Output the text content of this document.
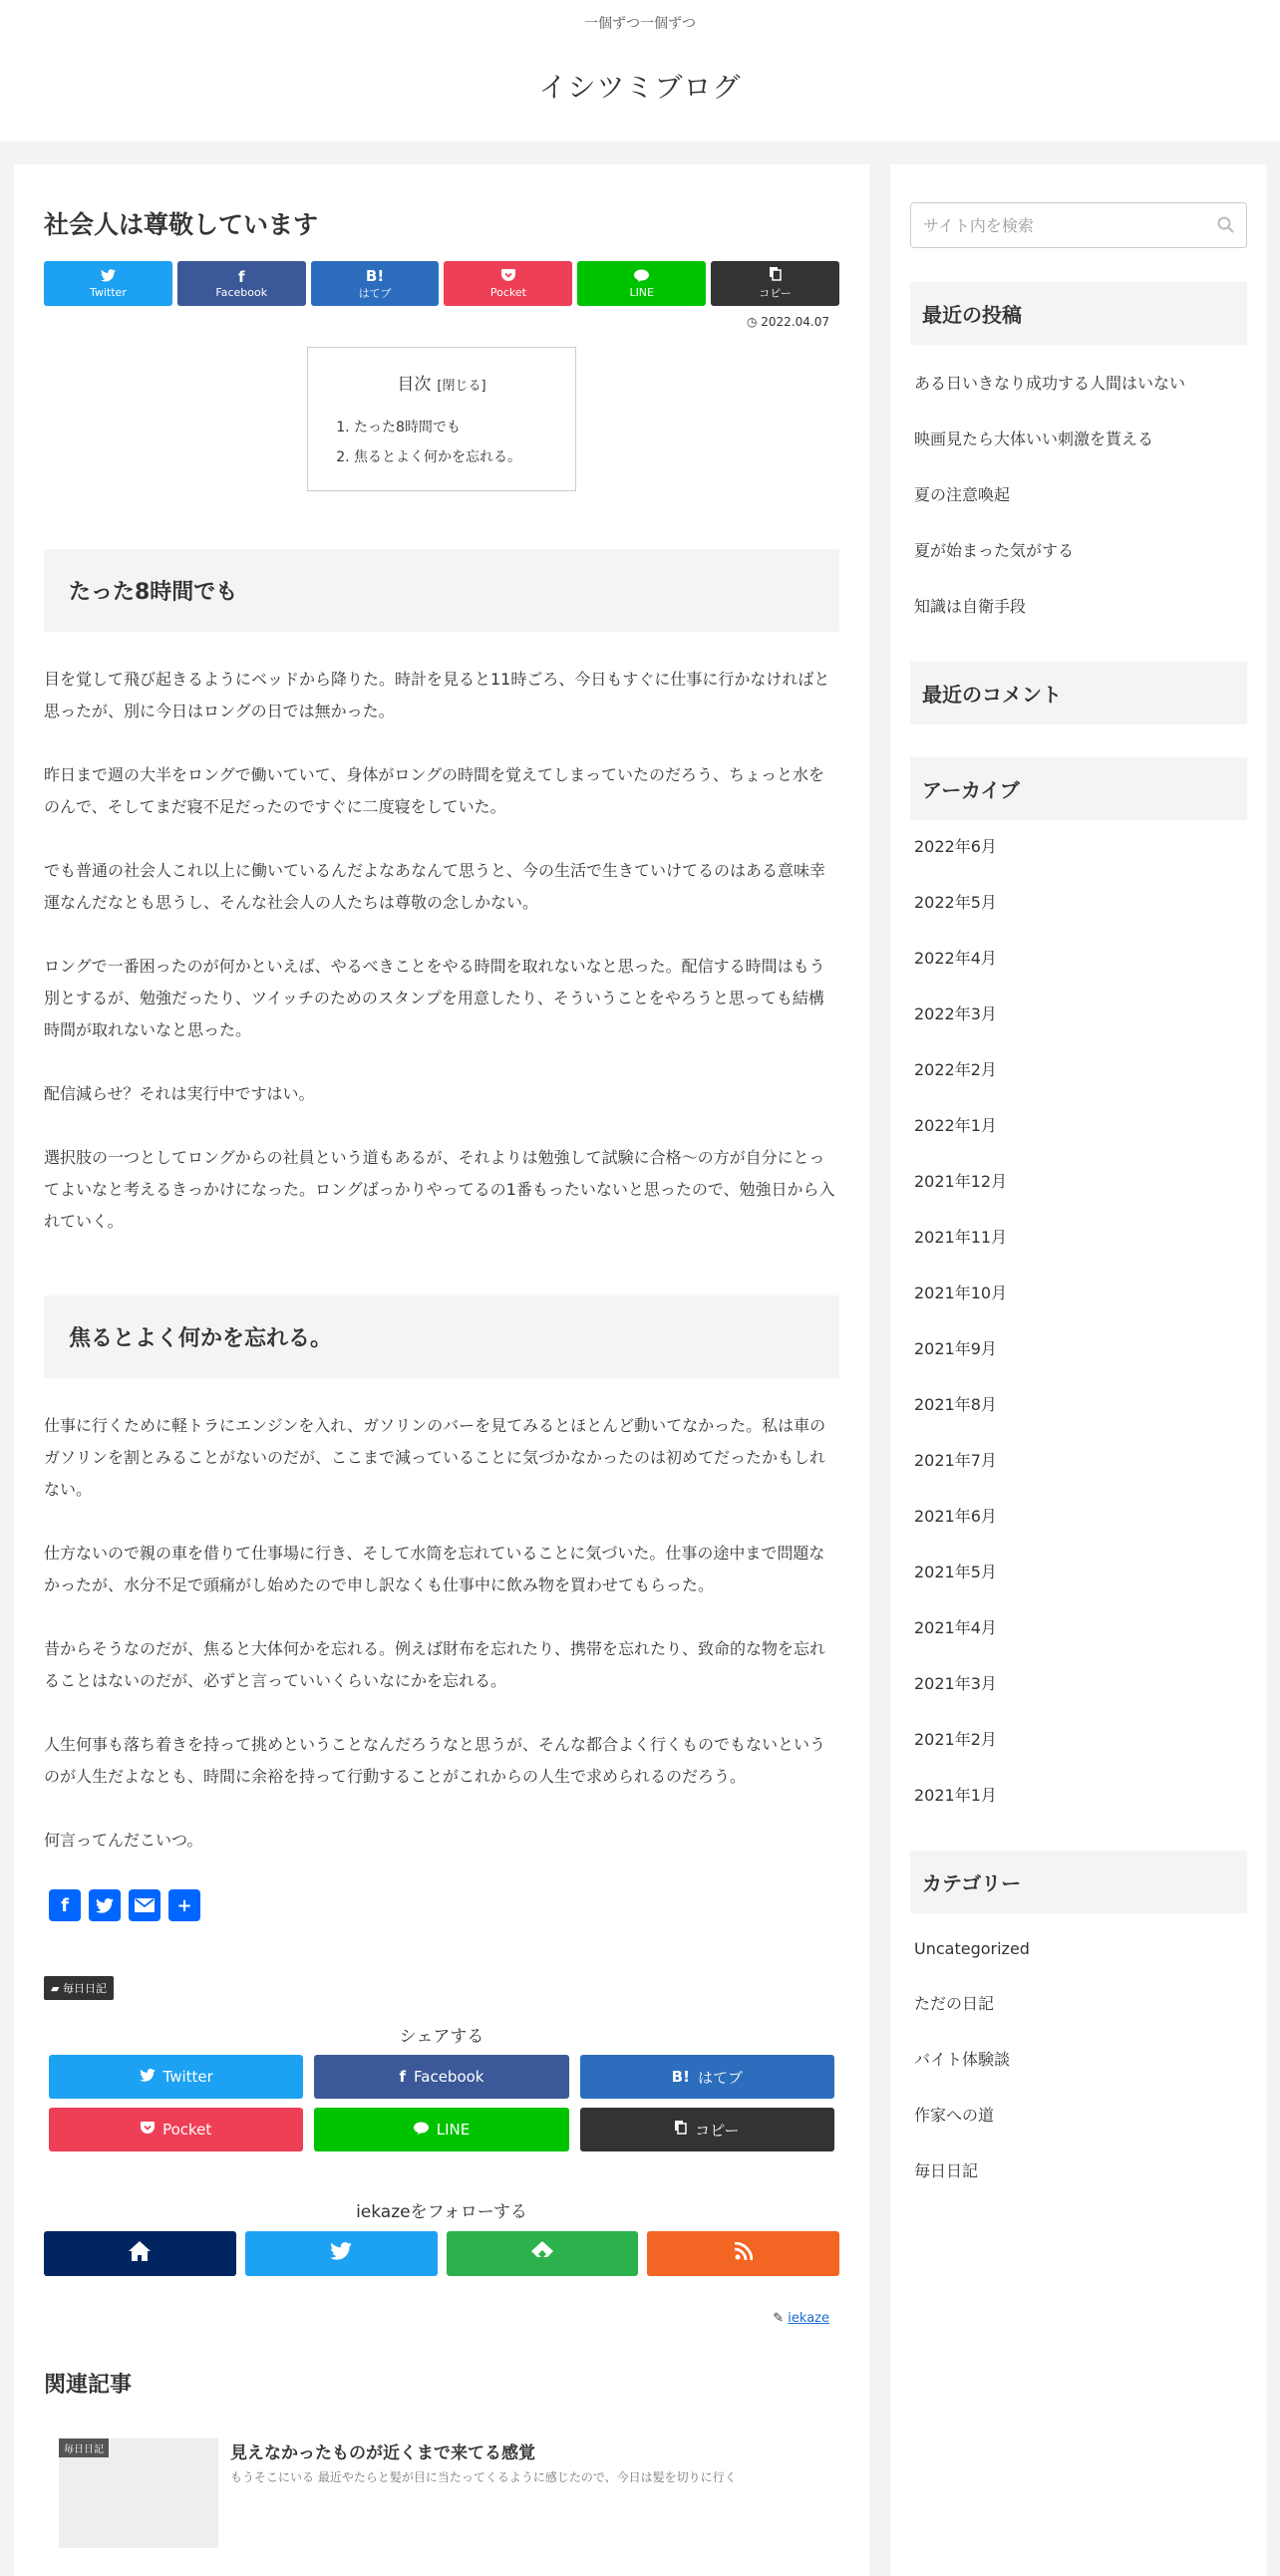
一個ずつ一個ずつ
イシツミブログ
社会人は尊敬しています
Twitter
f
Facebook
B!
はてブ	Pocket	LINE	コピー
◷ 2022.04.07
目次 [閉じる]
1. たった8時間でも
2. 焦るとよく何かを忘れる。
たった8時間でも

目を覚して飛び起きるようにベッドから降りた。時計を見ると11時ごろ、今日もすぐに仕事に行かなければと思ったが、別に今日はロングの日では無かった。

昨日まで週の大半をロングで働いていて、身体がロングの時間を覚えてしまっていたのだろう、ちょっと水をのんで、そしてまだ寝不足だったのですぐに二度寝をしていた。

でも普通の社会人これ以上に働いているんだよなあなんて思うと、今の生活で生きていけてるのはある意味幸運なんだなとも思うし、そんな社会人の人たちは尊敬の念しかない。

ロングで一番困ったのが何かといえば、やるべきことをやる時間を取れないなと思った。配信する時間はもう別とするが、勉強だったり、ツイッチのためのスタンプを用意したり、そういうことをやろうと思っても結構時間が取れないなと思った。

配信減らせ？それは実行中ですはい。

選択肢の一つとしてロングからの社員という道もあるが、それよりは勉強して試験に合格〜の方が自分にとってよいなと考えるきっかけになった。ロングばっかりやってるの1番もったいないと思ったので、勉強日から入れていく。

焦るとよく何かを忘れる。

仕事に行くために軽トラにエンジンを入れ、ガソリンのバーを見てみるとほとんど動いてなかった。私は車のガソリンを割とみることがないのだが、ここまで減っていることに気づかなかったのは初めてだったかもしれない。

仕方ないので親の車を借りて仕事場に行き、そして水筒を忘れていることに気づいた。仕事の途中まで問題なかったが、水分不足で頭痛がし始めたので申し訳なくも仕事中に飲み物を買わせてもらった。

昔からそうなのだが、焦ると大体何かを忘れる。例えば財布を忘れたり、携帯を忘れたり、致命的な物を忘れることはないのだが、必ずと言っていいくらいなにかを忘れる。

人生何事も落ち着きを持って挑めということなんだろうなと思うが、そんな都合よく行くものでもないというのが人生だよなとも、時間に余裕を持って行動することがこれからの人生で求められるのだろう。

何言ってんだこいつ。

f	+
▰ 毎日日記
シェアする
Twitter	f Facebook	B! はてブ
Pocket	LINE	コピー
iekazeをフォローする
✎ iekaze
関連記事
毎日日記	見えなかったものが近くまで来てる感覚
もうそこにいる 最近やたらと髪が目に当たってくるように感じたので、今日は髪を切りに行く
サイト内を検索
最近の投稿
ある日いきなり成功する人間はいない
映画見たら大体いい刺激を貰える
夏の注意喚起
夏が始まった気がする
知識は自衛手段
最近のコメント
アーカイブ
2022年6月
2022年5月
2022年4月
2022年3月
2022年2月
2022年1月
2021年12月
2021年11月
2021年10月
2021年9月
2021年8月
2021年7月
2021年6月
2021年5月
2021年4月
2021年3月
2021年2月
2021年1月
カテゴリー
Uncategorized
ただの日記
バイト体験談
作家への道
毎日日記
